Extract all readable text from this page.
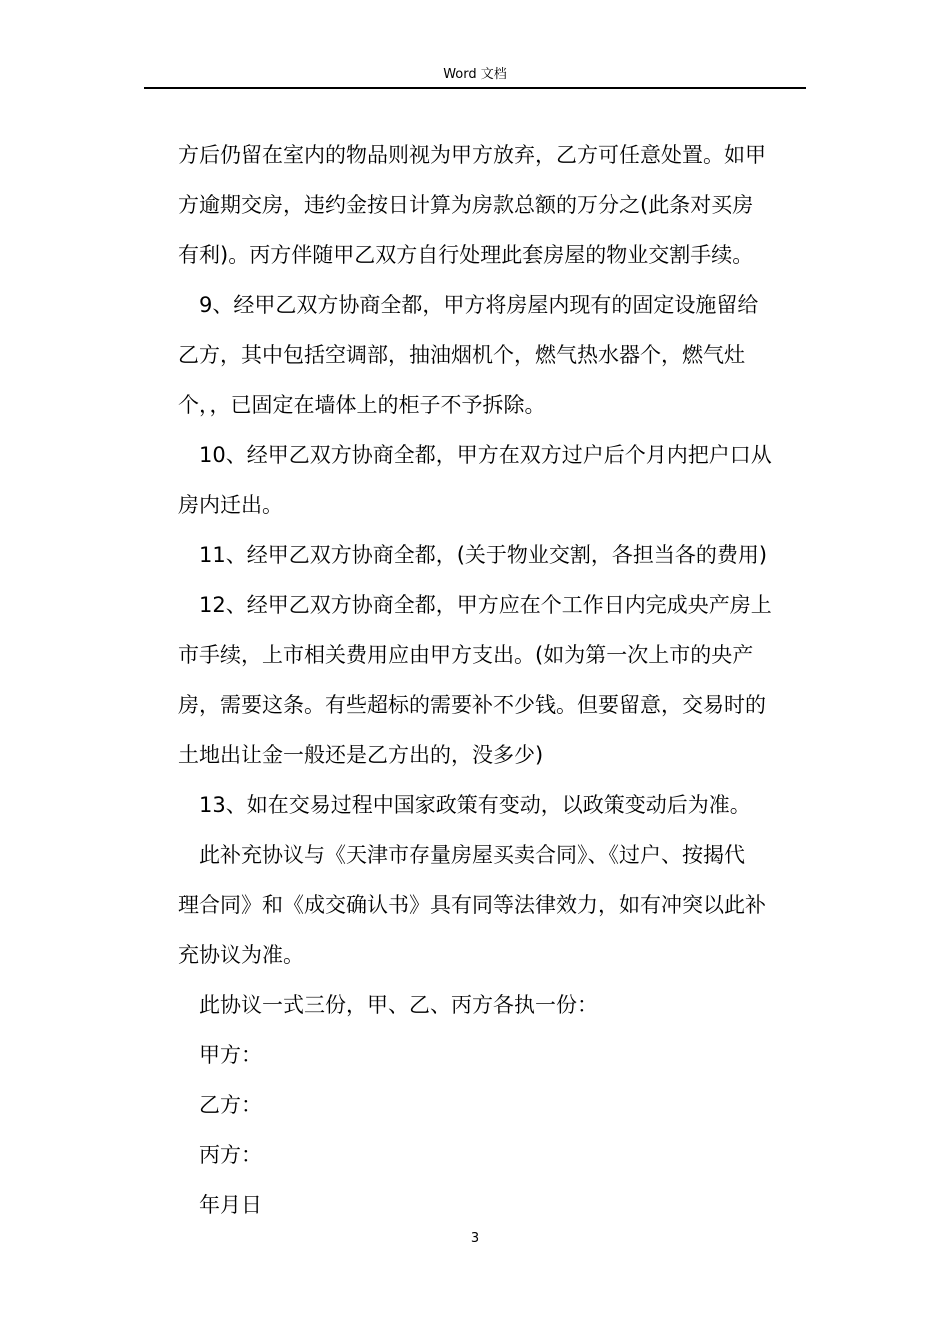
Word 文档

方后仍留在室内的物品则视为甲方放弃，乙方可任意处置。如甲

方逾期交房，违约金按日计算为房款总额的万分之(此条对买房

有利)。丙方伴随甲乙双方自行处理此套房屋的物业交割手续。

9、经甲乙双方协商全都，甲方将房屋内现有的固定设施留给

乙方，其中包括空调部，抽油烟机个，燃气热水器个，燃气灶

个，，已固定在墙体上的柜子不予拆除。

10、经甲乙双方协商全都，甲方在双方过户后个月内把户口从

房内迁出。

11、经甲乙双方协商全都，(关于物业交割，各担当各的费用)

12、经甲乙双方协商全都，甲方应在个工作日内完成央产房上

市手续，上市相关费用应由甲方支出。(如为第一次上市的央产

房，需要这条。有些超标的需要补不少钱。但要留意，交易时的

土地出让金一般还是乙方出的，没多少)

13、如在交易过程中国家政策有变动，以政策变动后为准。

此补充协议与《天津市存量房屋买卖合同》、《过户、按揭代

理合同》和《成交确认书》具有同等法律效力，如有冲突以此补

充协议为准。

此协议一式三份，甲、乙、丙方各执一份：

甲方：

乙方：

丙方：

年月日

3
